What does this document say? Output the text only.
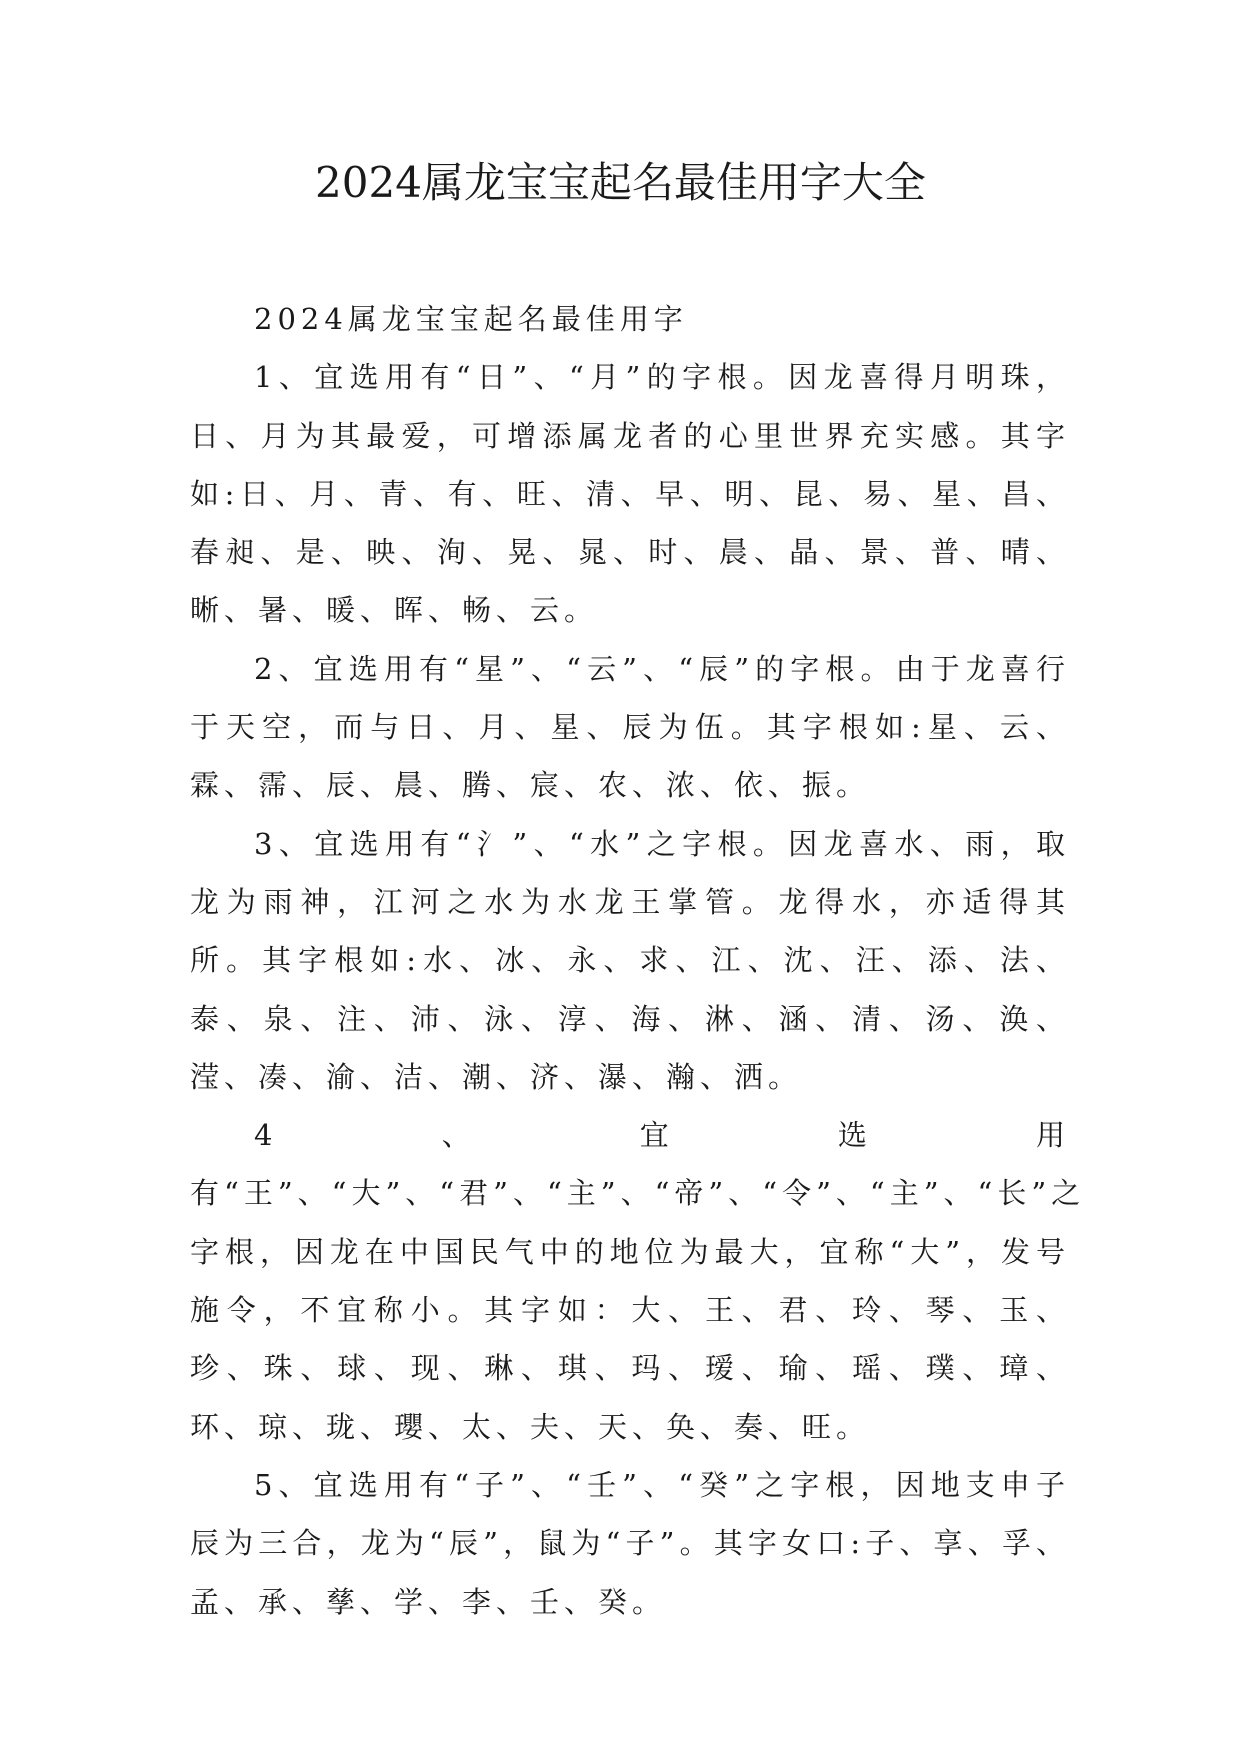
2024属龙宝宝起名最佳用字大全

2024属龙宝宝起名最佳用字

1、宜选用有“日”、“月”的字根。因龙喜得月明珠，日、月为其最爱，可增添属龙者的心里世界充实感。其字如:日、月、青、有、旺、清、早、明、昆、易、星、昌、春昶、是、映、洵、晃、晁、时、晨、晶、景、普、晴、晰、暑、暖、晖、畅、云。

2、宜选用有“星”、“云”、“辰”的字根。由于龙喜行于天空，而与日、月、星、辰为伍。其字根如:星、云、霖、霈、辰、晨、腾、宸、农、浓、依、振。

3、宜选用有“氵”、“水”之字根。因龙喜水、雨，取龙为雨神，江河之水为水龙王掌管。龙得水，亦适得其所。其字根如:水、冰、永、求、江、沈、汪、添、法、泰、泉、注、沛、泳、淳、海、淋、涵、清、汤、涣、滢、凑、渝、洁、潮、济、瀑、瀚、洒。

4、宜选用有“王”、“大”、“君”、“主”、“帝”、“令”、“主”、“长”之字根，因龙在中国民气中的地位为最大，宜称“大”，发号施令，不宜称小。其字如：大、王、君、玲、琴、玉、珍、珠、球、现、琳、琪、玛、瑷、瑜、瑶、璞、璋、环、琼、珑、瓔、太、夫、天、奂、奏、旺。

5、宜选用有“子”、“壬”、“癸”之字根，因地支申子辰为三合，龙为“辰”，鼠为“子”。其字女口:子、享、孚、孟、承、孳、学、李、壬、癸。
